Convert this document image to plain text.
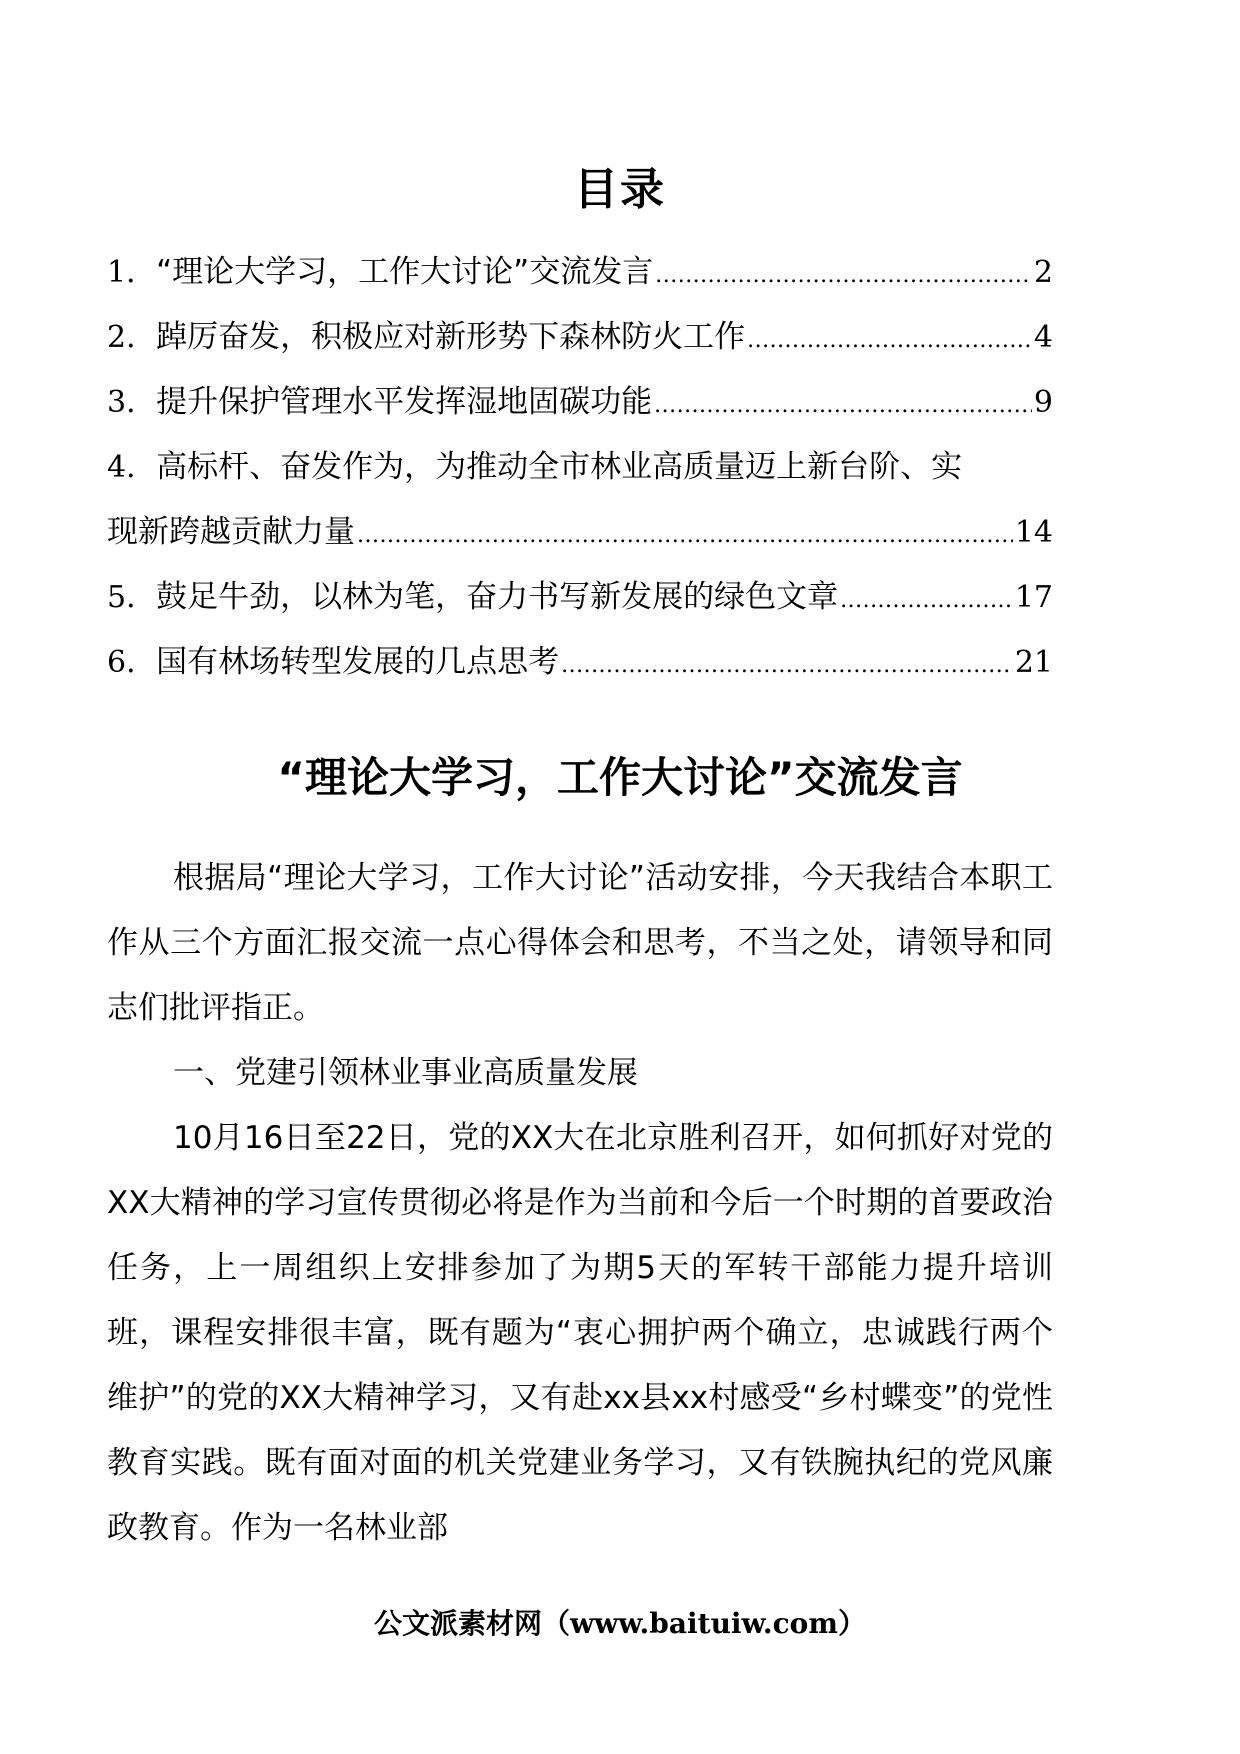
目录
1． “理论大学习，工作大讨论”交流发言 .....	2
2． 踔厉奋发，积极应对新形势下森林防火工作 .....	4
3． 提升保护管理水平发挥湿地固碳功能 .....	9
4． 高标杆、奋发作为，为推动全市林业高质量迈上新台阶、实
现新跨越贡献力量 .....	14
5． 鼓足牛劲，以林为笔，奋力书写新发展的绿色文章 .....	17
6． 国有林场转型发展的几点思考 .....	21
“理论大学习，工作大讨论”交流发言

根据局“理论大学习，工作大讨论”活动安排，今天我结合本职工作从三个方面汇报交流一点心得体会和思考，不当之处，请领导和同志们批评指正。

一、党建引领林业事业高质量发展

10月16日至22日，党的XX大在北京胜利召开，如何抓好对党的XX大精神的学习宣传贯彻必将是作为当前和今后一个时期的首要政治任务，上一周组织上安排参加了为期5天的军转干部能力提升培训班，课程安排很丰富，既有题为“衷心拥护两个确立，忠诚践行两个维护”的党的XX大精神学习，又有赴xx县xx村感受“乡村蝶变”的党性教育实践。既有面对面的机关党建业务学习，又有铁腕执纪的党风廉政教育。作为一名林业部

公文派素材网（www.baituiw.com）
